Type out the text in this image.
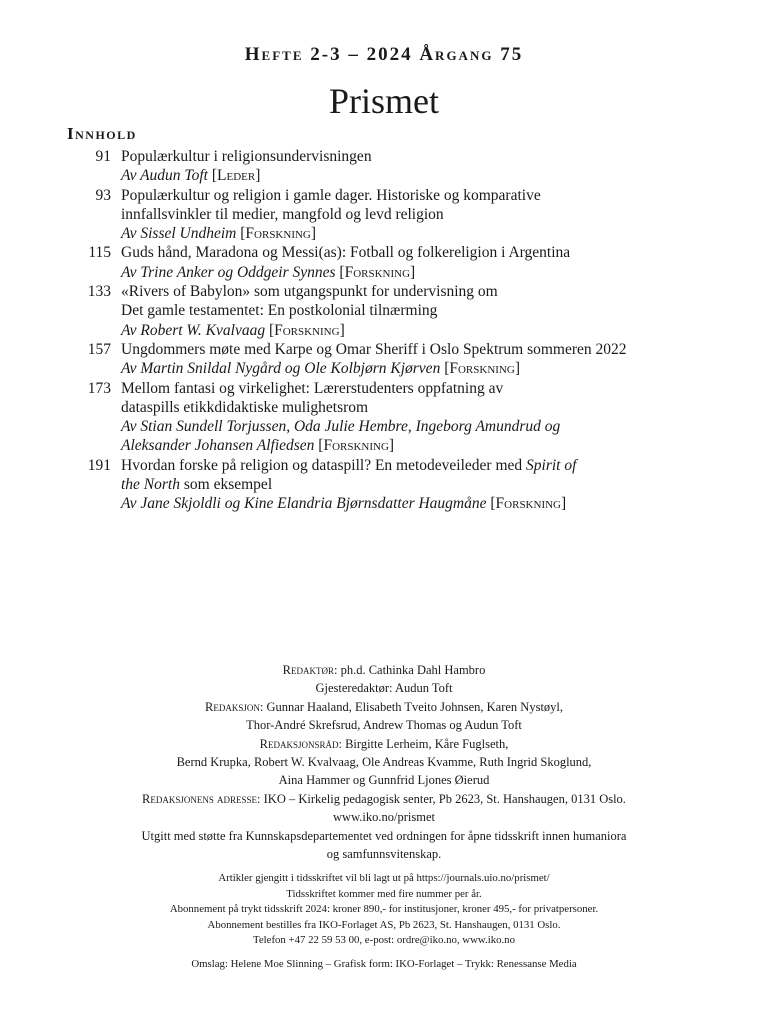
Hefte 2-3 – 2024 Årgang 75
Prismet
Innhold
91 Populærkultur i religionsundervisningen
Av Audun Toft [Leder]
93 Populærkultur og religion i gamle dager. Historiske og komparative
innfallsvinkler til medier, mangfold og levd religion
Av Sissel Undheim [Forskning]
115 Guds hånd, Maradona og Messi(as): Fotball og folkereligion i Argentina
Av Trine Anker og Oddgeir Synnes [Forskning]
133 «Rivers of Babylon» som utgangspunkt for undervisning om
Det gamle testamentet: En postkolonial tilnærming
Av Robert W. Kvalvaag [Forskning]
157 Ungdommers møte med Karpe og Omar Sheriff i Oslo Spektrum sommeren 2022
Av Martin Snildal Nygård og Ole Kolbjørn Kjørven [Forskning]
173 Mellom fantasi og virkelighet: Lærerstudenters oppfatning av
dataspills etikkdidaktiske mulighetsrom
Av Stian Sundell Torjussen, Oda Julie Hembre, Ingeborg Amundrud og
Aleksander Johansen Alfiedsen [Forskning]
191 Hvordan forske på religion og dataspill? En metodeveileder med Spirit of
the North som eksempel
Av Jane Skjoldli og Kine Elandria Bjørnsdatter Haugmåne [Forskning]
Redaktør: ph.d. Cathinka Dahl Hambro
Gjesteredaktør: Audun Toft
Redaksjon: Gunnar Haaland, Elisabeth Tveito Johnsen, Karen Nystøyl,
Thor-André Skrefsrud, Andrew Thomas og Audun Toft
Redaksjonsråd: Birgitte Lerheim, Kåre Fuglseth,
Bernd Krupka, Robert W. Kvalvaag, Ole Andreas Kvamme, Ruth Ingrid Skoglund,
Aina Hammer og Gunnfrid Ljones Øierud
Redaksjonens adresse: IKO – Kirkelig pedagogisk senter, Pb 2623, St. Hanshaugen, 0131 Oslo.
www.iko.no/prismet
Utgitt med støtte fra Kunnskapsdepartementet ved ordningen for åpne tidsskrift innen humaniora
og samfunnsvitenskap.
Artikler gjengitt i tidsskriftet vil bli lagt ut på https://journals.uio.no/prismet/
Tidsskriftet kommer med fire nummer per år.
Abonnement på trykt tidsskrift 2024: kroner 890,- for institusjoner, kroner 495,- for privatpersoner.
Abonnement bestilles fra IKO-Forlaget AS, Pb 2623, St. Hanshaugen, 0131 Oslo.
Telefon +47 22 59 53 00, e-post: ordre@iko.no, www.iko.no
Omslag: Helene Moe Slinning – Grafisk form: IKO-Forlaget – Trykk: Renessanse Media
